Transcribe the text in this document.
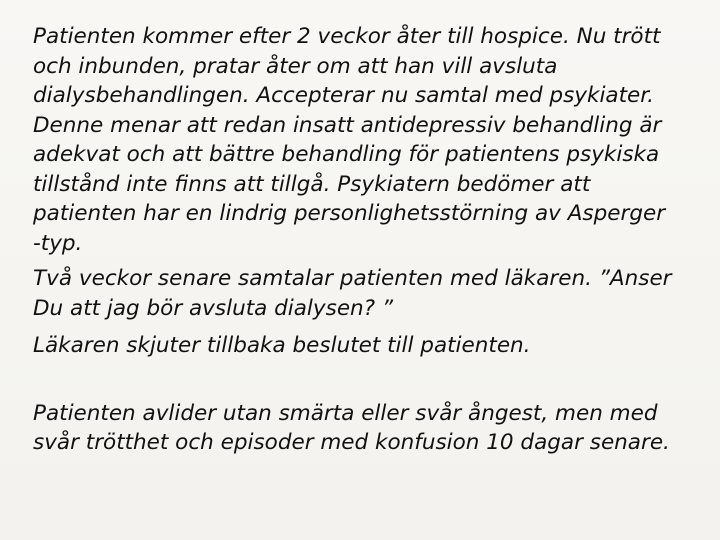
Patienten kommer efter 2 veckor åter till hospice. Nu trött
och inbunden, pratar åter om att han vill avsluta
dialysbehandlingen. Accepterar nu samtal med psykiater.
Denne menar att redan insatt antidepressiv behandling är
adekvat och att bättre behandling för patientens psykiska
tillstånd inte finns att tillgå. Psykiatern bedömer att
patienten har en lindrig personlighetsstörning av Asperger
-typ.
Två veckor senare samtalar patienten med läkaren. ”Anser
Du att jag bör avsluta dialysen? ”
Läkaren skjuter tillbaka beslutet till patienten.
Patienten avlider utan smärta eller svår ångest, men med
svår trötthet och episoder med konfusion 10 dagar senare.
